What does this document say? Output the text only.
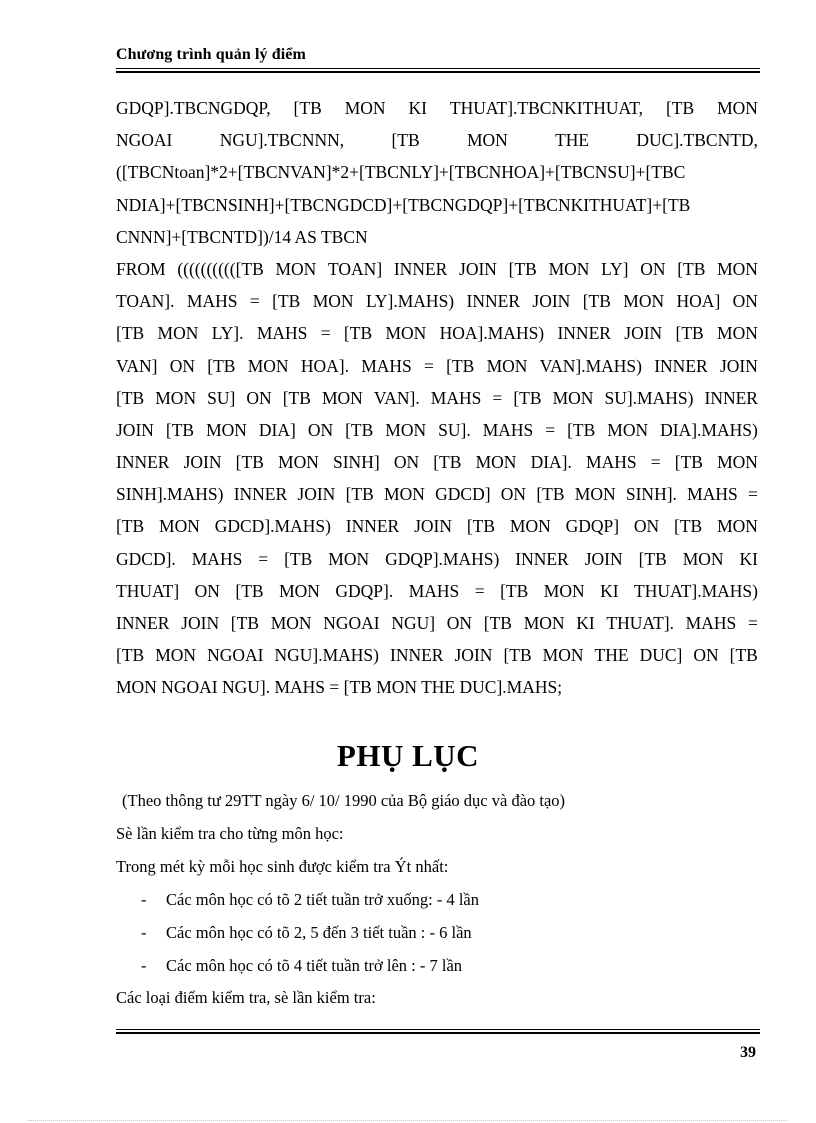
Chương trình quản lý điểm
GDQP].TBCNGDQP, [TB MON KI THUAT].TBCNKITHUAT, [TB MON
NGOAI	NGU].TBCNNN,	[TB	MON	THE	DUC].TBCNTD,
([TBCNtoan]*2+[TBCNVAN]*2+[TBCNLY]+[TBCNHOA]+[TBCNSU]+[TBC
NDIA]+[TBCNSINH]+[TBCNGDCD]+[TBCNGDQP]+[TBCNKITHUAT]+[TB
CNNN]+[TBCNTD])/14 AS TBCN
FROM (((((((((([TB MON TOAN] INNER JOIN [TB MON LY] ON [TB MON
TOAN]. MAHS = [TB MON LY].MAHS) INNER JOIN [TB MON HOA] ON
[TB MON LY]. MAHS = [TB MON HOA].MAHS) INNER JOIN [TB MON
VAN] ON [TB MON HOA]. MAHS = [TB MON VAN].MAHS) INNER JOIN
[TB MON SU] ON [TB MON VAN]. MAHS = [TB MON SU].MAHS) INNER
JOIN [TB MON DIA] ON [TB MON SU]. MAHS = [TB MON DIA].MAHS)
INNER JOIN [TB MON SINH] ON [TB MON DIA]. MAHS = [TB MON
SINH].MAHS) INNER JOIN [TB MON GDCD] ON [TB MON SINH]. MAHS =
[TB MON GDCD].MAHS) INNER JOIN [TB MON GDQP] ON [TB MON
GDCD]. MAHS = [TB MON GDQP].MAHS) INNER JOIN [TB MON KI
THUAT] ON [TB MON GDQP]. MAHS = [TB MON KI THUAT].MAHS)
INNER JOIN [TB MON NGOAI NGU] ON [TB MON KI THUAT]. MAHS =
[TB MON NGOAI NGU].MAHS) INNER JOIN [TB MON THE DUC] ON [TB
MON NGOAI NGU]. MAHS = [TB MON THE DUC].MAHS;
PHỤ LỤC
(Theo thông tư 29TT ngày 6/ 10/ 1990 của Bộ giáo dục và đào tạo)
Sè lần kiểm tra cho từng môn học:
Trong mét kỳ mỗi học sinh được kiểm tra Ýt nhất:
- Các môn học có tõ 2 tiết tuần trở xuống: - 4 lần
- Các môn học có tõ 2, 5 đến 3 tiết tuần : - 6 lần
- Các môn học có tõ 4 tiết tuần trở lên : - 7 lần
Các loại điểm kiểm tra, sè lần kiểm tra:
39
